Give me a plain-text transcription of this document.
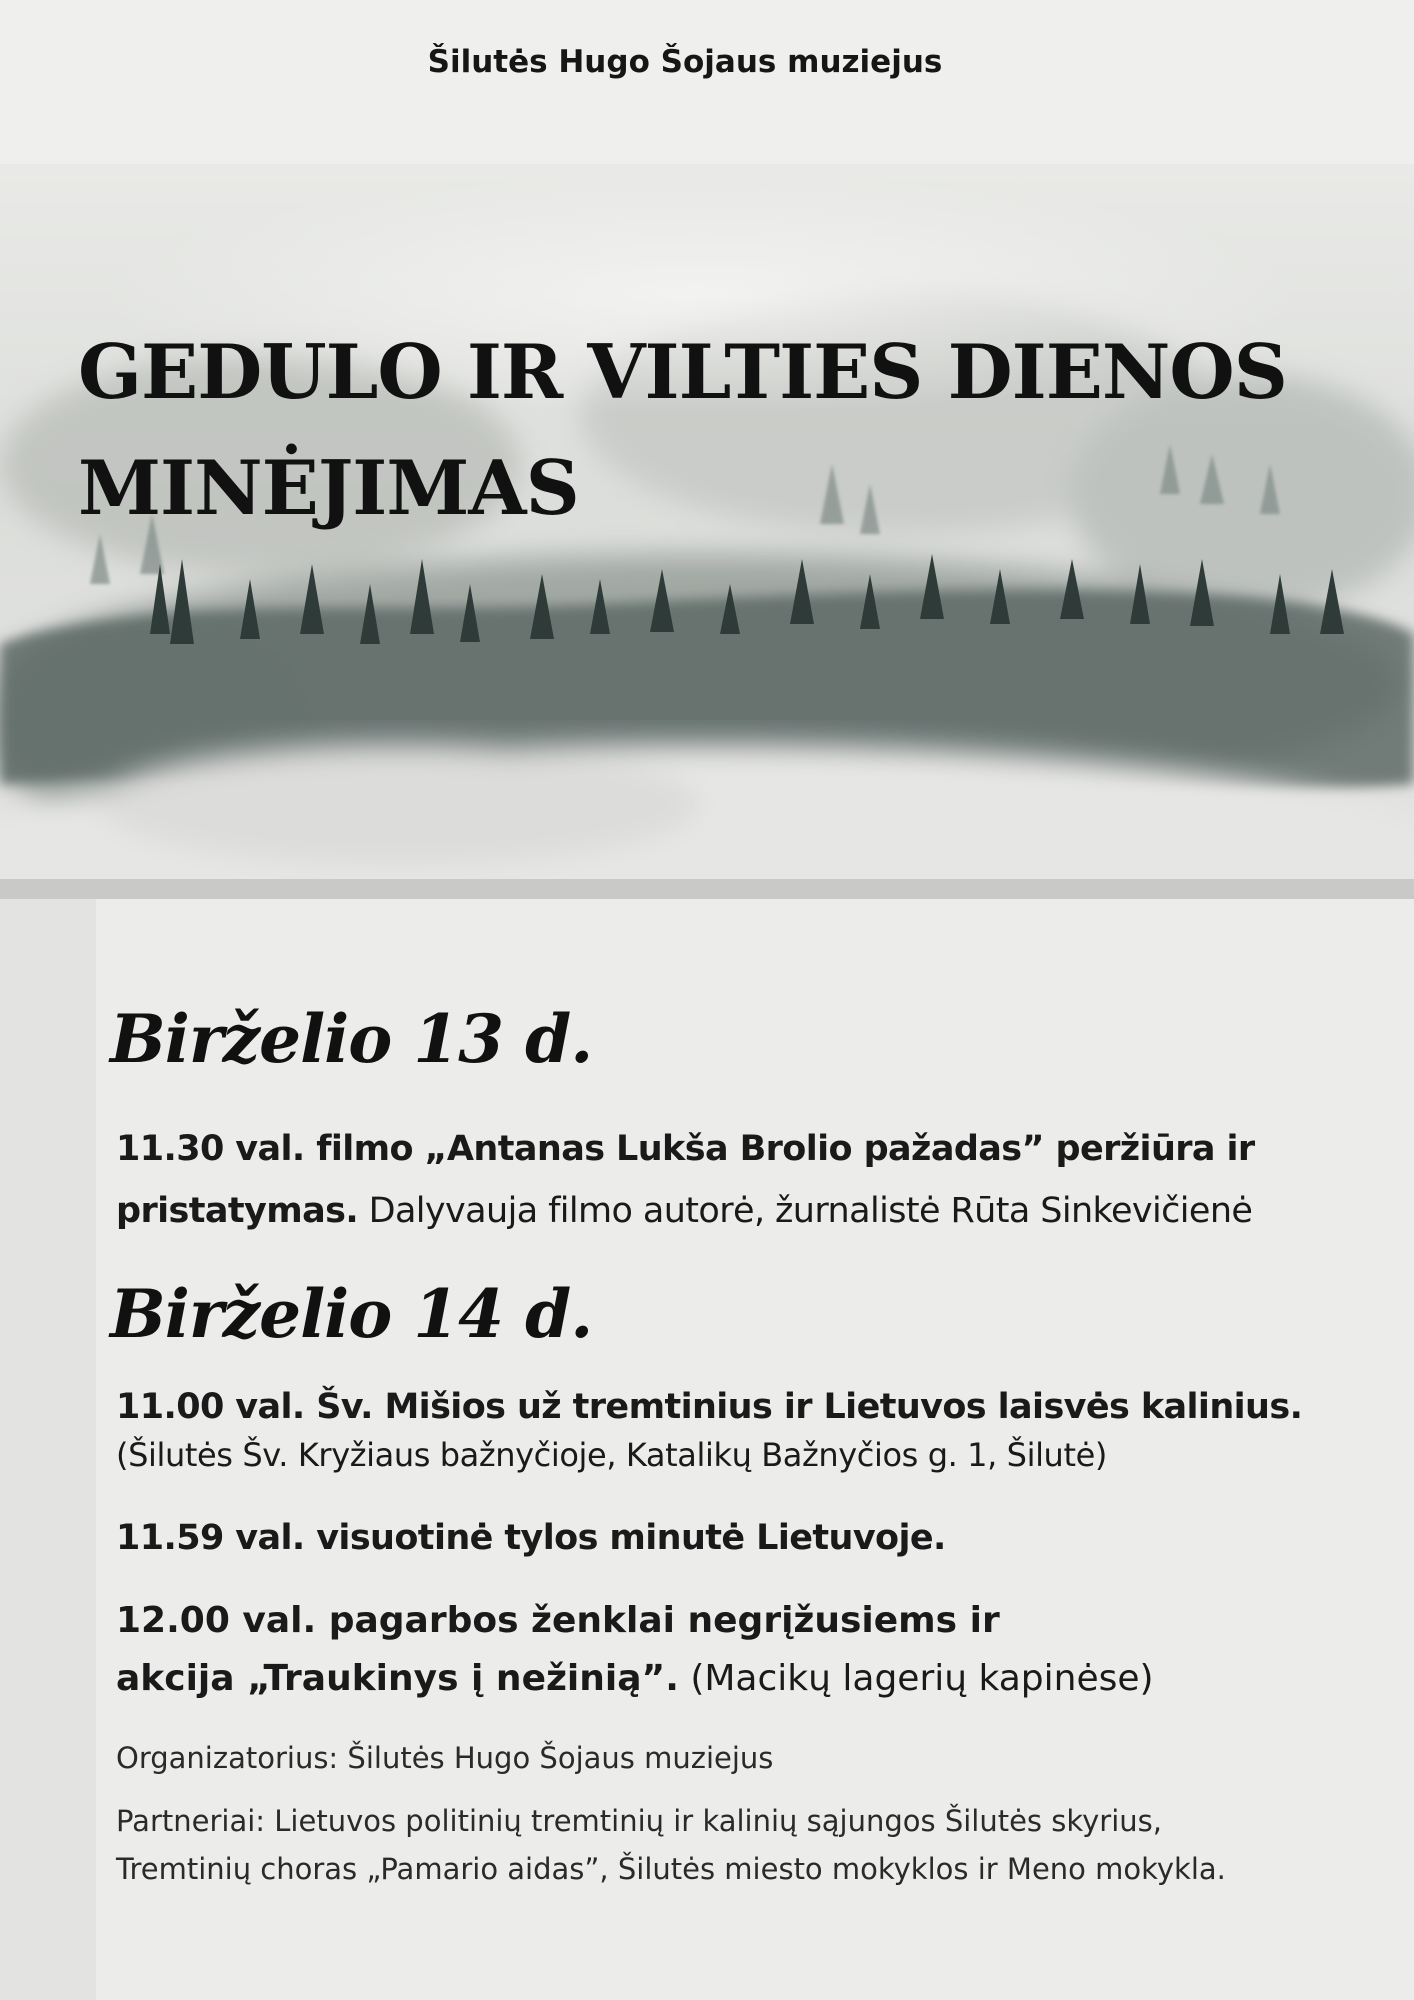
Šilutės Hugo Šojaus muziejus
GEDULO IR VILTIES DIENOS
MINĖJIMAS
Birželio 13 d.
11.30 val. filmo „Antanas Lukša Brolio pažadas” peržiūra ir pristatymas. Dalyvauja filmo autorė, žurnalistė Rūta Sinkevičienė
Birželio 14 d.
11.00 val. Šv. Mišios už tremtinius ir Lietuvos laisvės kalinius.
(Šilutės Šv. Kryžiaus bažnyčioje, Katalikų Bažnyčios g. 1, Šilutė)
11.59 val. visuotinė tylos minutė Lietuvoje.
12.00 val. pagarbos ženklai negrįžusiems ir
akcija „Traukinys į nežinią”. (Macikų lagerių kapinėse)
Organizatorius: Šilutės Hugo Šojaus muziejus
Partneriai: Lietuvos politinių tremtinių ir kalinių sąjungos Šilutės skyrius,
Tremtinių choras „Pamario aidas”, Šilutės miesto mokyklos ir Meno mokykla.
